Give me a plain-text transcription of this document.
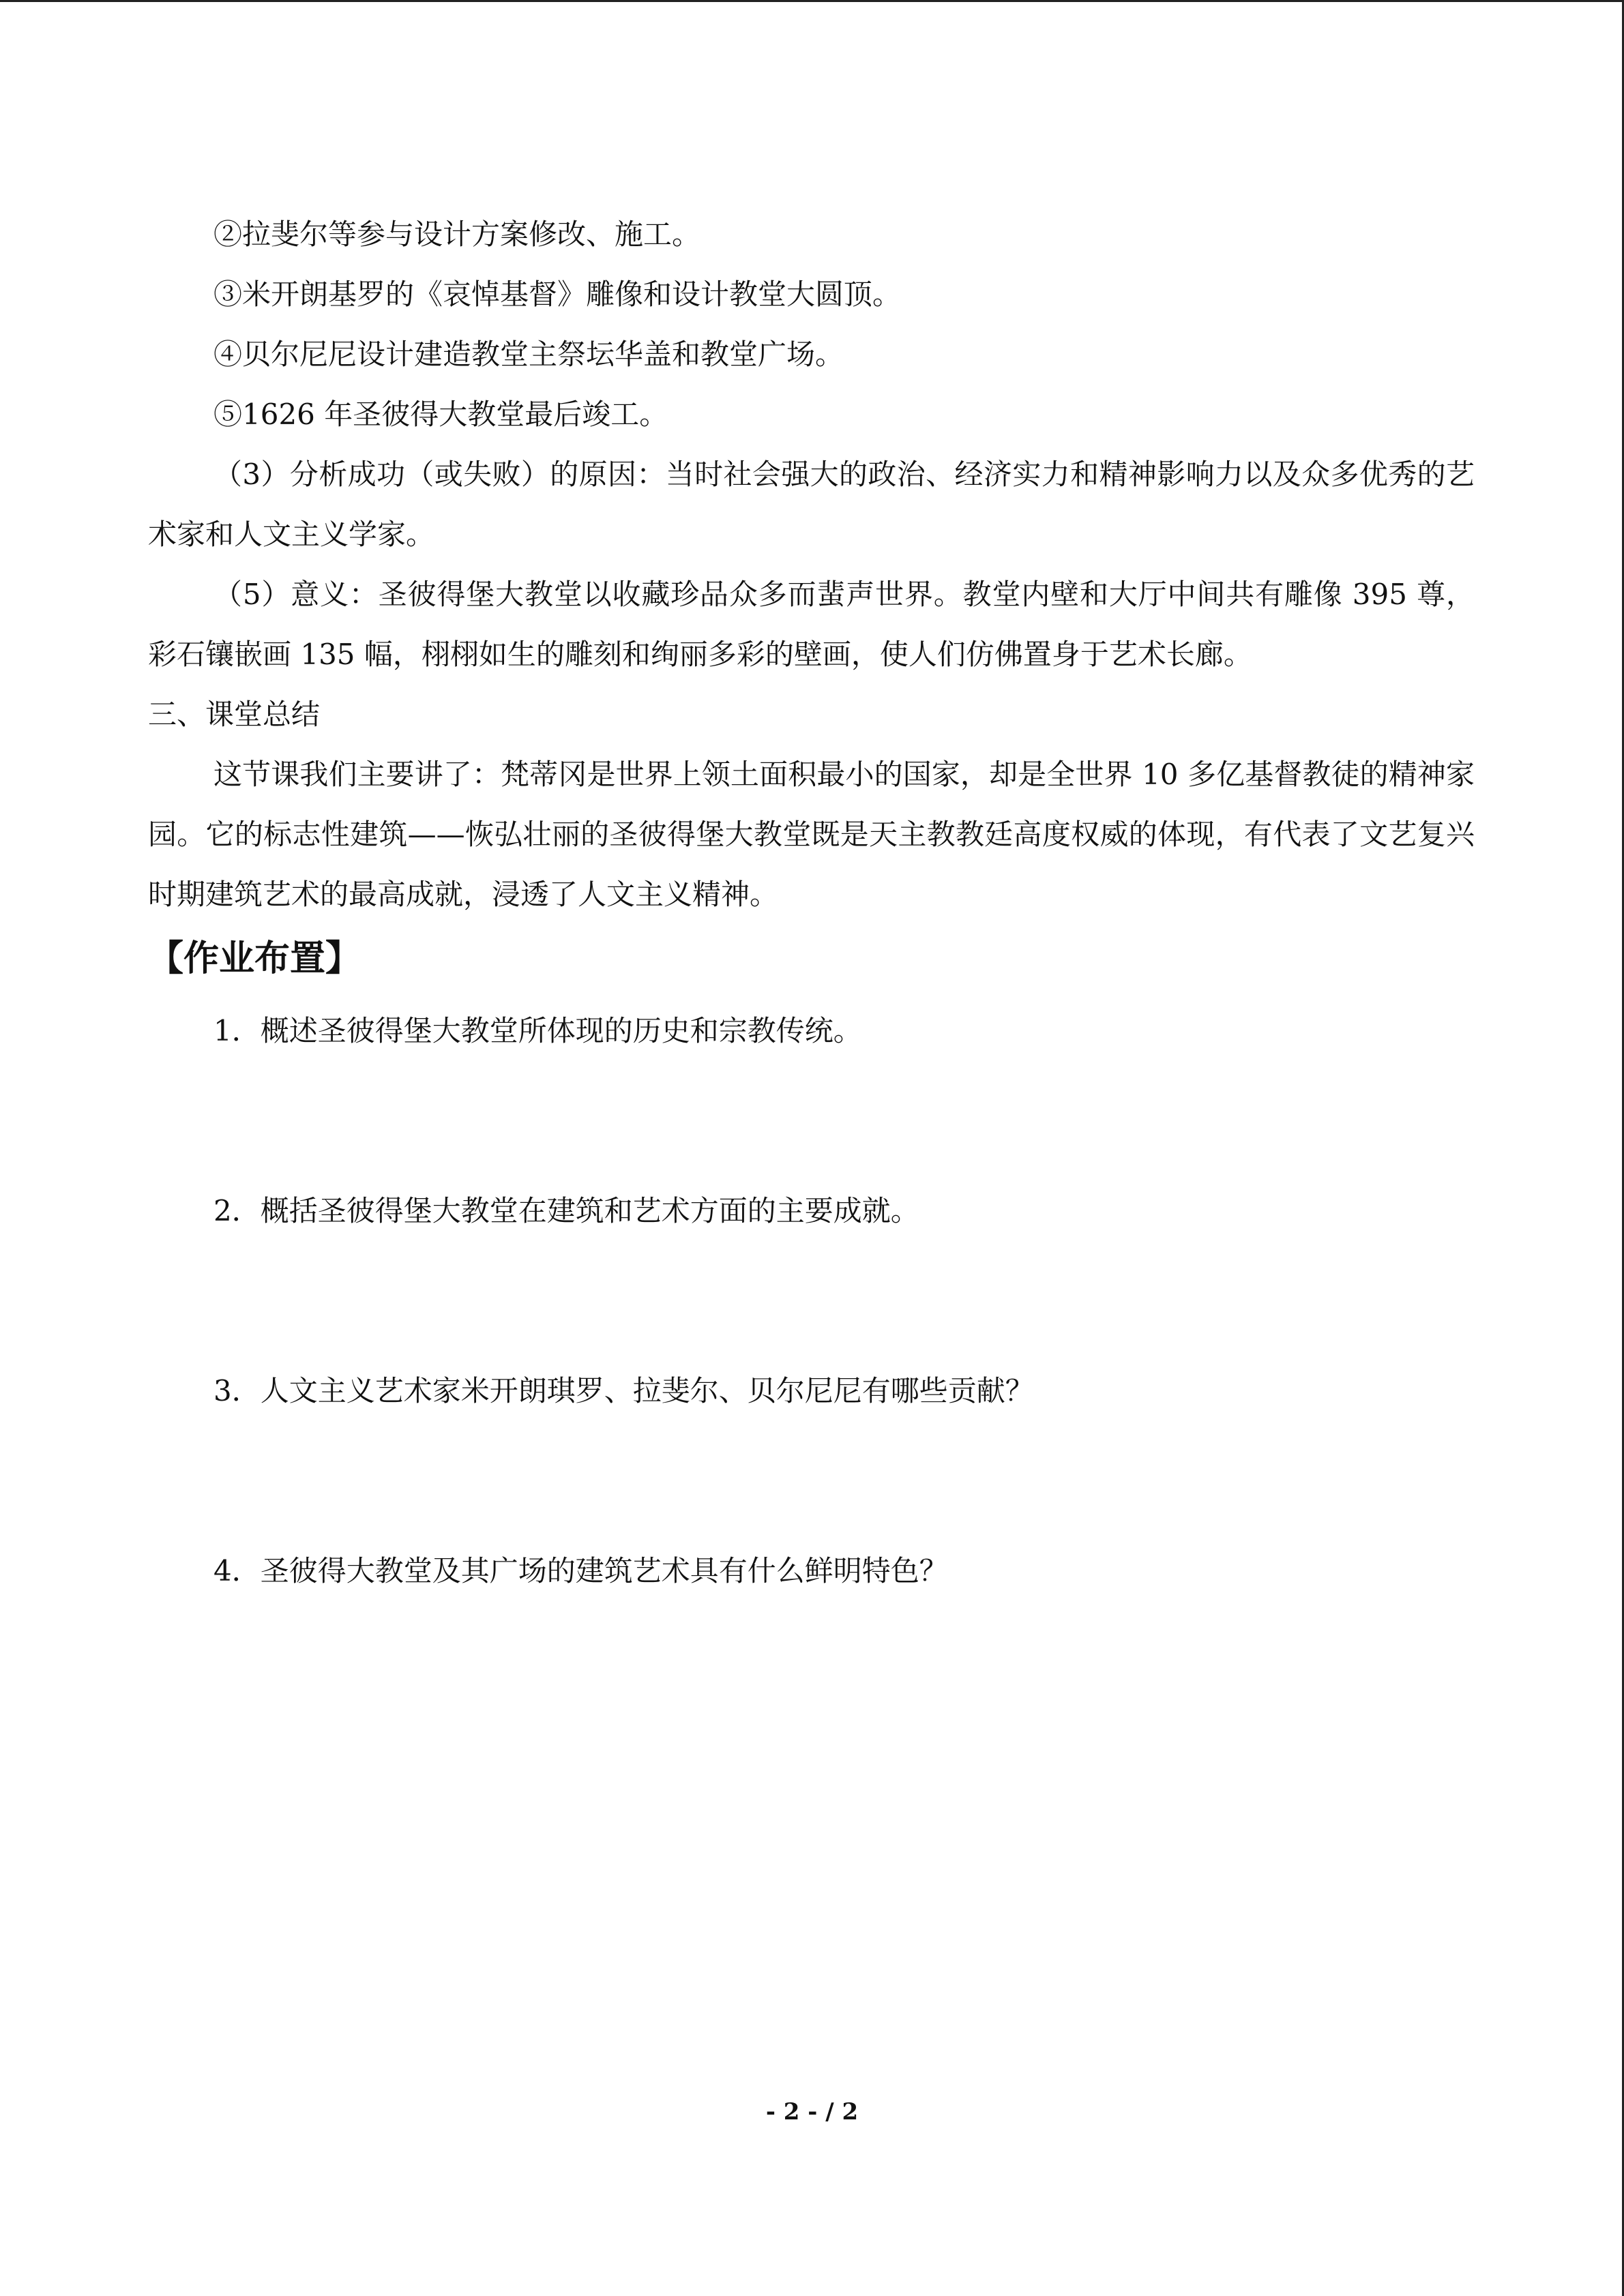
②拉斐尔等参与设计方案修改、施工。

③米开朗基罗的《哀悼基督》雕像和设计教堂大圆顶。

④贝尔尼尼设计建造教堂主祭坛华盖和教堂广场。

⑤1626 年圣彼得大教堂最后竣工。

（3）分析成功（或失败）的原因：当时社会强大的政治、经济实力和精神影响力以及众多优秀的艺术家和人文主义学家。

（5）意义：圣彼得堡大教堂以收藏珍品众多而蜚声世界。教堂内壁和大厅中间共有雕像 395 尊，彩石镶嵌画 135 幅，栩栩如生的雕刻和绚丽多彩的壁画，使人们仿佛置身于艺术长廊。

三、课堂总结

这节课我们主要讲了：梵蒂冈是世界上领土面积最小的国家，却是全世界 10 多亿基督教徒的精神家园。它的标志性建筑——恢弘壮丽的圣彼得堡大教堂既是天主教教廷高度权威的体现，有代表了文艺复兴时期建筑艺术的最高成就，浸透了人文主义精神。

【作业布置】

1．概述圣彼得堡大教堂所体现的历史和宗教传统。

2．概括圣彼得堡大教堂在建筑和艺术方面的主要成就。

3．人文主义艺术家米开朗琪罗、拉斐尔、贝尔尼尼有哪些贡献？

4．圣彼得大教堂及其广场的建筑艺术具有什么鲜明特色？

- 2 - / 2
